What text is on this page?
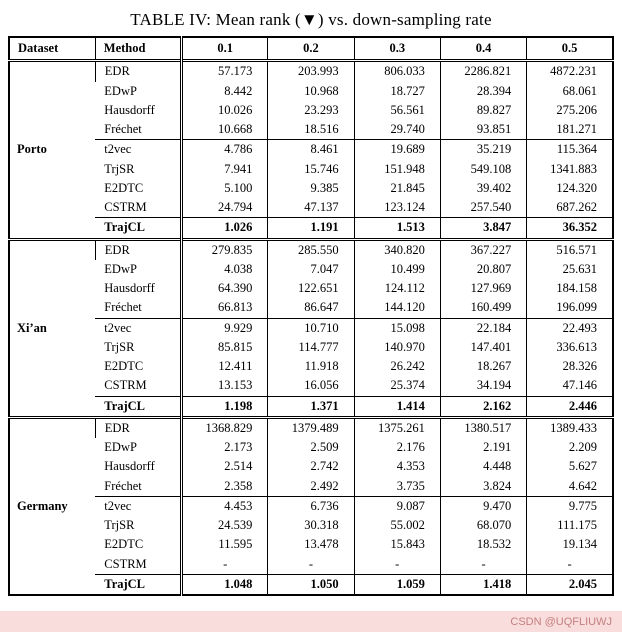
TABLE IV: Mean rank (▼) vs. down-sampling rate
Dataset	Method	0.1	0.2	0.3	0.4	0.5
Porto	EDR	57.173	203.993	806.033	2286.821	4872.231
	EDwP	8.442	10.968	18.727	28.394	68.061
	Hausdorff	10.026	23.293	56.561	89.827	275.206
	Fréchet	10.668	18.516	29.740	93.851	181.271
	t2vec	4.786	8.461	19.689	35.219	115.364
	TrjSR	7.941	15.746	151.948	549.108	1341.883
	E2DTC	5.100	9.385	21.845	39.402	124.320
	CSTRM	24.794	47.137	123.124	257.540	687.262
	TrajCL	1.026	1.191	1.513	3.847	36.352
Xi’an	EDR	279.835	285.550	340.820	367.227	516.571
	EDwP	4.038	7.047	10.499	20.807	25.631
	Hausdorff	64.390	122.651	124.112	127.969	184.158
	Fréchet	66.813	86.647	144.120	160.499	196.099
	t2vec	9.929	10.710	15.098	22.184	22.493
	TrjSR	85.815	114.777	140.970	147.401	336.613
	E2DTC	12.411	11.918	26.242	18.267	28.326
	CSTRM	13.153	16.056	25.374	34.194	47.146
	TrajCL	1.198	1.371	1.414	2.162	2.446
Germany	EDR	1368.829	1379.489	1375.261	1380.517	1389.433
	EDwP	2.173	2.509	2.176	2.191	2.209
	Hausdorff	2.514	2.742	4.353	4.448	5.627
	Fréchet	2.358	2.492	3.735	3.824	4.642
	t2vec	4.453	6.736	9.087	9.470	9.775
	TrjSR	24.539	30.318	55.002	68.070	111.175
	E2DTC	11.595	13.478	15.843	18.532	19.134
	CSTRM	-	-	-	-	-
	TrajCL	1.048	1.050	1.059	1.418	2.045
CSDN @UQFLIUWJ
